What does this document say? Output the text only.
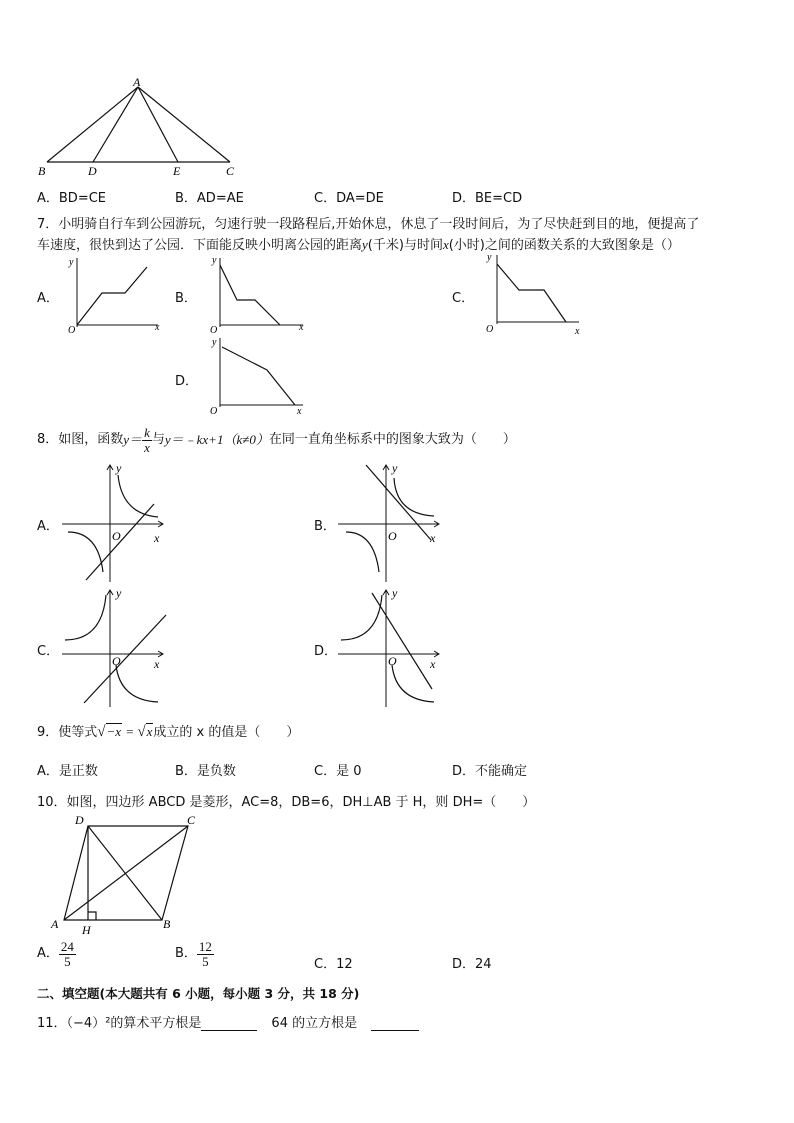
A
B	D	E	C
A．BD=CE	B．AD=AE	C．DA=DE	D．BE=CD
7．小明骑自行车到公园游玩，匀速行驶一段路程后,开始休息，休息了一段时间后，为了尽快赶到目的地，便提高了
车速度，很快到达了公园．下面能反映小明离公园的距离y(千米)与时间x(小时)之间的函数关系的大致图象是（）
A．
y
x
O
B．
y
x
O
C．
y
x
O
D．
y
x
O
8．如图，函数$y= \frac{k}{x}$ 与y＝﹣kx+1（k≠0）在同一直角坐标系中的图象大致为（　　）
A．
y
x
O
B．
y
x
O
C．
y
x
O
D．
y
x
O
9．使等式√−x = √x成立的 x 的值是（　　）
A．是正数	B．是负数	C．是 0	D．不能确定
10．如图，四边形 ABCD 是菱形，AC=8，DB=6，DH⊥AB 于 H，则 DH=（　　）
D	C
A H	B
A． $\frac{24}{5}$	B． $\frac{12}{5}$	C．12	D．24
二、填空题(本大题共有 6 小题，每小题 3 分，共 18 分)
11．（−4）²的算术平方根是	64 的立方根是
